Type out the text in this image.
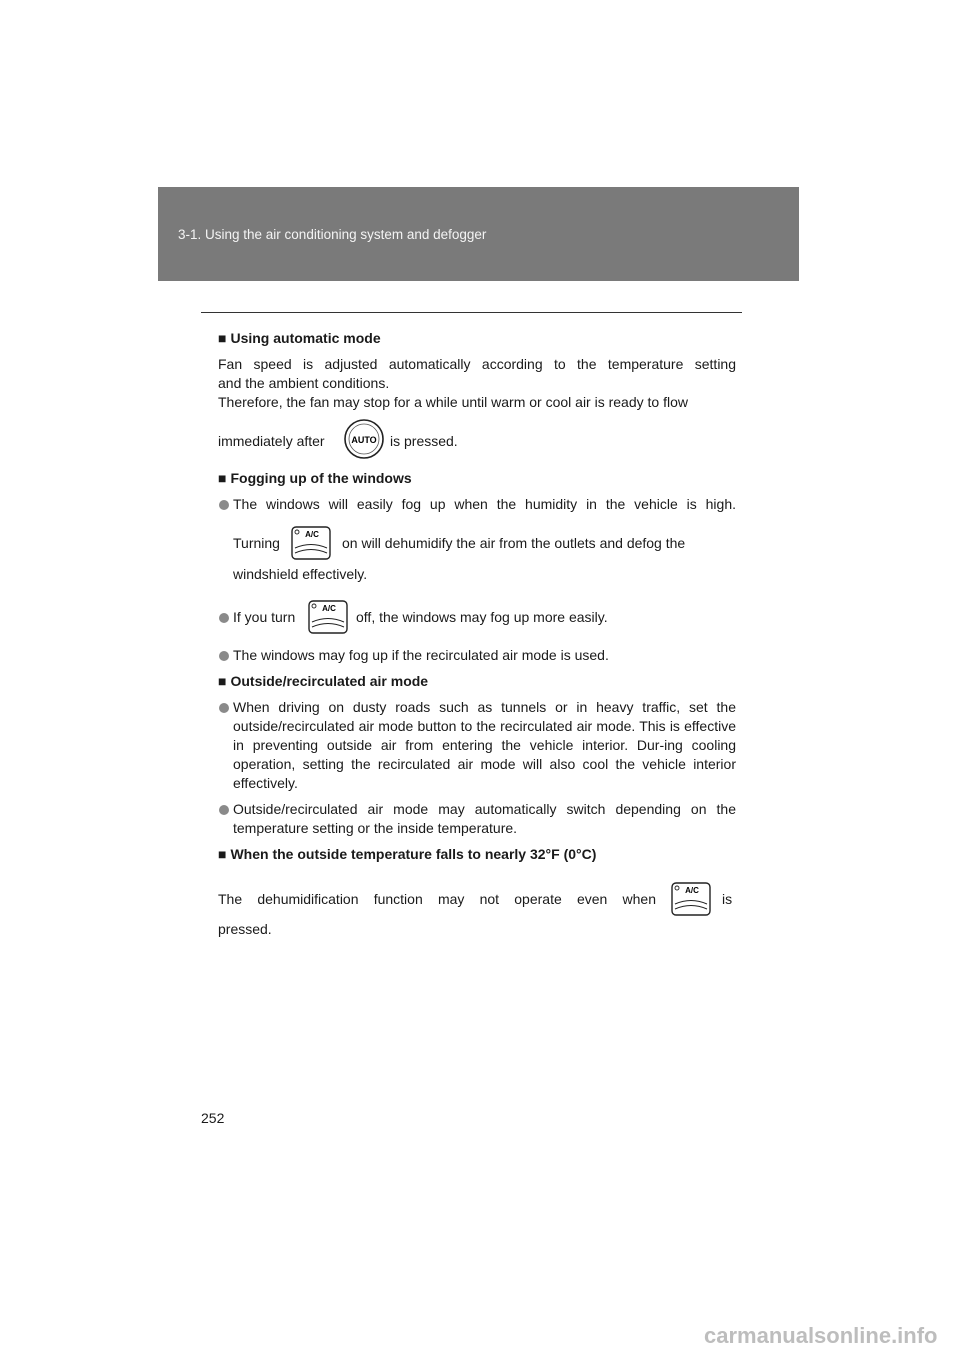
3-1. Using the air conditioning system and defogger
■ Using automatic mode
Fan speed is adjusted automatically according to the temperature setting
and the ambient conditions.
Therefore, the fan may stop for a while until warm or cool air is ready to flow
immediately after	AUTO is pressed.
■ Fogging up of the windows
The windows will easily fog up when the humidity in the vehicle is high.
Turning
A/C
on will dehumidify the air from the outlets and defog the
windshield effectively.
If you turn
A/C
off, the windows may fog up more easily.
The windows may fog up if the recirculated air mode is used.
■ Outside/recirculated air mode
When driving on dusty roads such as tunnels or in heavy traffic, set the outside/recirculated air mode button to the recirculated air mode. This is effective in preventing outside air from entering the vehicle interior. Dur-ing cooling operation, setting the recirculated air mode will also cool the vehicle interior effectively.
Outside/recirculated air mode may automatically switch depending on the temperature setting or the inside temperature.
■ When the outside temperature falls to nearly 32°F (0°C)
The dehumidification function may not operate even when
A/C
is
pressed.
252
carmanualsonline.info
